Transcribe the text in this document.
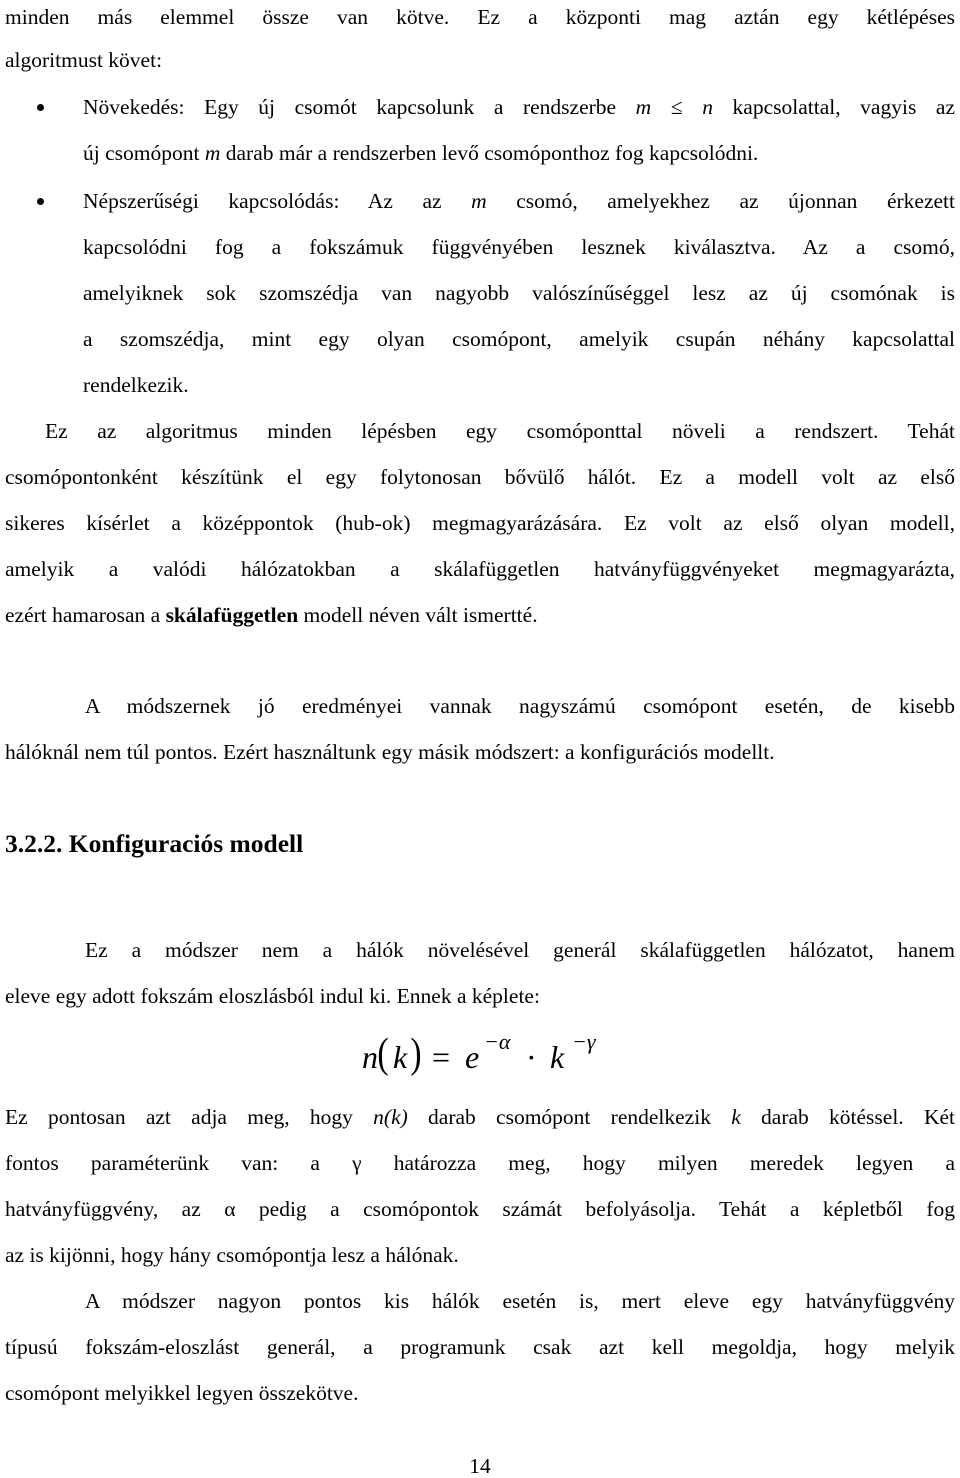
minden más elemmel össze van kötve. Ez a központi mag aztán egy kétlépéses
algoritmust követ:
Növekedés: Egy új csomót kapcsolunk a rendszerbe m ≤ n kapcsolattal, vagyis az
új csomópont m darab már a rendszerben levő csomóponthoz fog kapcsolódni.
Népszerűségi kapcsolódás: Az az m csomó, amelyekhez az újonnan érkezett
kapcsolódni fog a fokszámuk függvényében lesznek kiválasztva. Az a csomó,
amelyiknek sok szomszédja van nagyobb valószínűséggel lesz az új csomónak is
a szomszédja, mint egy olyan csomópont, amelyik csupán néhány kapcsolattal
rendelkezik.
Ez az algoritmus minden lépésben egy csomóponttal növeli a rendszert. Tehát
csomópontonként készítünk el egy folytonosan bővülő hálót. Ez a modell volt az első
sikeres kísérlet a középpontok (hub-ok) megmagyarázására. Ez volt az első olyan modell,
amelyik a valódi hálózatokban a skálafüggetlen hatványfüggvényeket megmagyarázta,
ezért hamarosan a skálafüggetlen modell néven vált ismertté.
A módszernek jó eredményei vannak nagyszámú csomópont esetén, de kisebb
hálóknál nem túl pontos. Ezért használtunk egy másik módszert: a konfigurációs modellt.
3.2.2. Konfiguraciós modell
Ez a módszer nem a hálók növelésével generál skálafüggetlen hálózatot, hanem
eleve egy adott fokszám eloszlásból indul ki. Ennek a képlete:
n ( k ) = e −α · k −γ
Ez pontosan azt adja meg, hogy n(k) darab csomópont rendelkezik k darab kötéssel. Két
fontos paraméterünk van: a γ határozza meg, hogy milyen meredek legyen a
hatványfüggvény, az α pedig a csomópontok számát befolyásolja. Tehát a képletből fog
az is kijönni, hogy hány csomópontja lesz a hálónak.
A módszer nagyon pontos kis hálók esetén is, mert eleve egy hatványfüggvény
típusú fokszám-eloszlást generál, a programunk csak azt kell megoldja, hogy melyik
csomópont melyikkel legyen összekötve.
14
